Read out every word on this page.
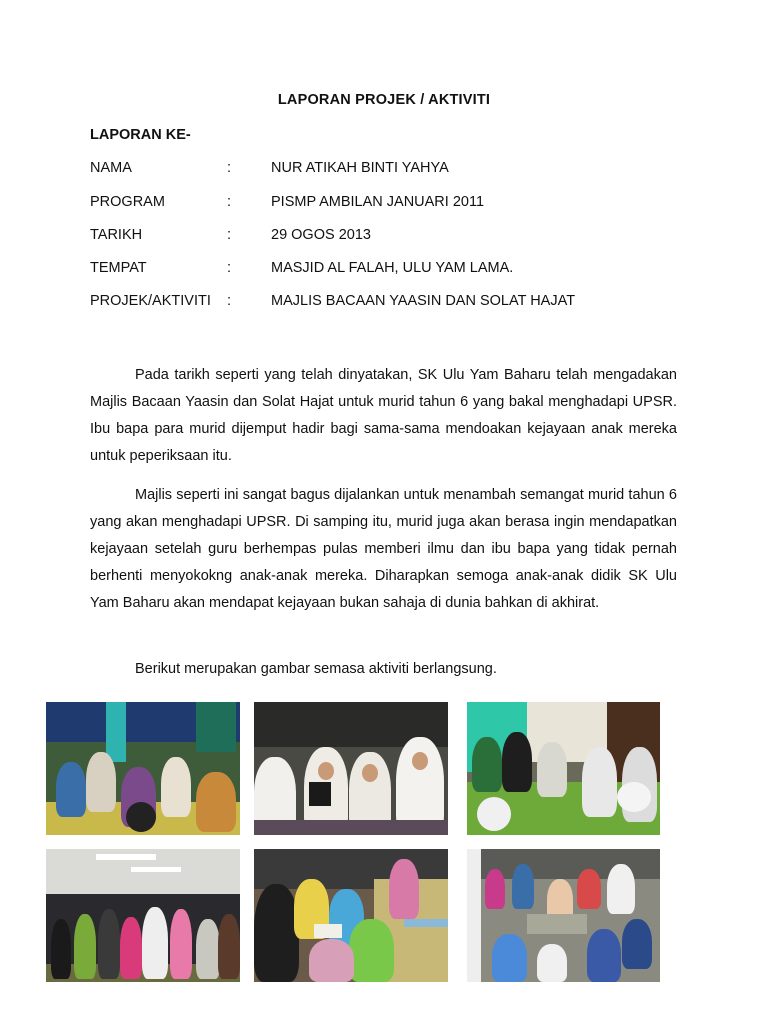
LAPORAN PROJEK / AKTIVITI
LAPORAN KE-
NAMA	:	NUR ATIKAH BINTI YAHYA
PROGRAM	:	PISMP AMBILAN JANUARI 2011
TARIKH	:	29 OGOS 2013
TEMPAT	:	MASJID AL FALAH, ULU YAM LAMA.
PROJEK/AKTIVITI :	MAJLIS BACAAN YAASIN DAN SOLAT HAJAT

Pada tarikh seperti yang telah dinyatakan, SK Ulu Yam Baharu telah mengadakan Majlis Bacaan Yaasin dan Solat Hajat untuk murid tahun 6 yang bakal menghadapi UPSR. Ibu bapa para murid dijemput hadir bagi sama-sama mendoakan kejayaan anak mereka untuk peperiksaan itu.

Majlis seperti ini sangat bagus dijalankan untuk menambah semangat murid tahun 6 yang akan menghadapi UPSR. Di samping itu, murid juga akan berasa ingin mendapatkan kejayaan setelah guru berhempas pulas memberi ilmu dan ibu bapa yang tidak pernah berhenti menyokokng anak-anak mereka. Diharapkan semoga anak-anak didik SK Ulu Yam Baharu akan mendapat kejayaan bukan sahaja di dunia bahkan di akhirat.

Berikut merupakan gambar semasa aktiviti berlangsung.
